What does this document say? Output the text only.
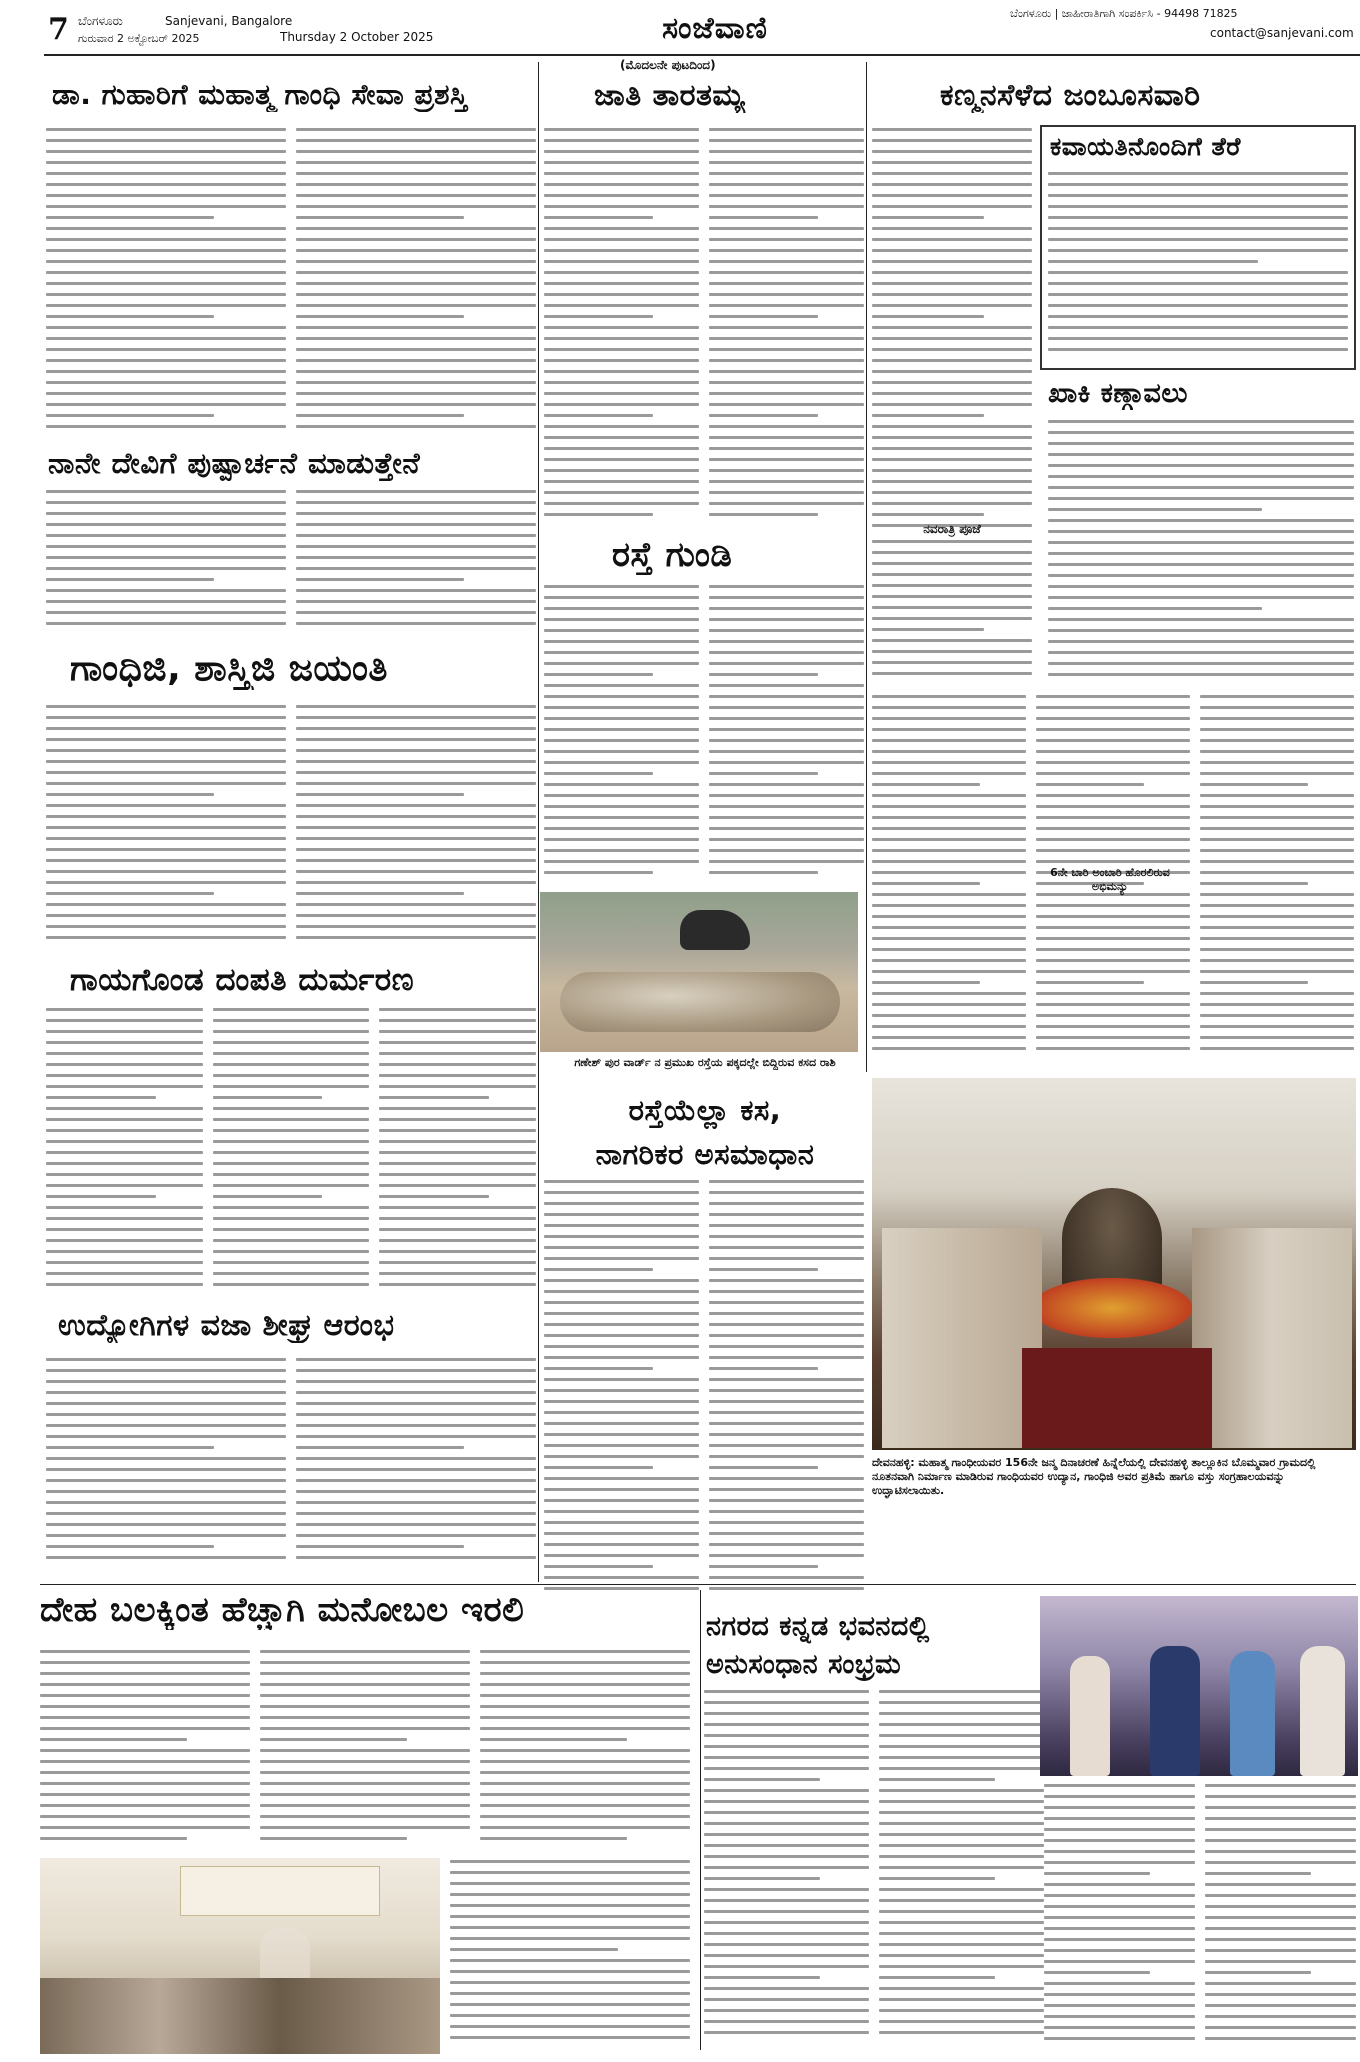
7 ಬೆಂಗಳೂರು
ಗುರುವಾರ 2 ಅಕ್ಟೋಬರ್ 2025
Sanjevani, Bangalore
Thursday 2 October 2025	ಸಂಜೆವಾಣಿ	ಬೆಂಗಳೂರು | ಜಾಹೀರಾತಿಗಾಗಿ ಸಂಪರ್ಕಿಸಿ - 94498 71825
contact@sanjevani.com
(ಮೊದಲನೇ ಪುಟದಿಂದ)
ಡಾ. ಗುಹಾರಿಗೆ ಮಹಾತ್ಮ ಗಾಂಧಿ ಸೇವಾ ಪ್ರಶಸ್ತಿ	ಜಾತಿ ತಾರತಮ್ಯ	ಕಣ್ಮನಸೆಳೆದ ಜಂಬೂಸವಾರಿ
ನಾನೇ ದೇವಿಗೆ ಪುಷ್ಪಾರ್ಚನೆ ಮಾಡುತ್ತೇನೆ
ಗಾಂಧಿಜಿ, ಶಾಸ್ತ್ರಿಜಿ ಜಯಂತಿ
ರಸ್ತೆ ಗುಂಡಿ
ಗಣೇಶ್ ಪುರ ವಾರ್ಡ್ ನ ಪ್ರಮುಖ ರಸ್ತೆಯ ಪಕ್ಕದಲ್ಲೇ ಬಿದ್ದಿರುವ ಕಸದ ರಾಶಿ
ರಸ್ತೆಯೆಲ್ಲಾ ಕಸ,
ನಾಗರಿಕರ ಅಸಮಾಧಾನ
ಕವಾಯತಿನೊಂದಿಗೆ ತೆರೆ
ಖಾಕಿ ಕಣ್ಗಾವಲು
ನವರಾತ್ರಿ ಪೂಜೆ
6ನೇ ಬಾರಿ ಅಂಬಾರಿ ಹೊರಲಿರುವ ಅಭಿಮನ್ಯು
ಗಾಯಗೊಂಡ ದಂಪತಿ ದುರ್ಮರಣ
ಉದ್ಯೋಗಿಗಳ ವಜಾ ಶೀಘ್ರ ಆರಂಭ
ದೇವನಹಳ್ಳಿ: ಮಹಾತ್ಮ ಗಾಂಧೀಯವರ 156ನೇ ಜನ್ಮ ದಿನಾಚರಣೆ ಹಿನ್ನೆಲೆಯಲ್ಲಿ ದೇವನಹಳ್ಳಿ ತಾಲ್ಲೂಕಿನ ಬೊಮ್ಮವಾರ ಗ್ರಾಮದಲ್ಲಿ ನೂತನವಾಗಿ ನಿರ್ಮಾಣ ಮಾಡಿರುವ ಗಾಂಧಿಯವರ ಉದ್ಯಾನ, ಗಾಂಧಿಜಿ ಅವರ ಪ್ರತಿಮೆ ಹಾಗೂ ವಸ್ತು ಸಂಗ್ರಹಾಲಯವನ್ನು ಉದ್ಘಾಟಿಸಲಾಯಿತು.
ನಗರದ ಕನ್ನಡ ಭವನದಲ್ಲಿ ಅನುಸಂಧಾನ ಸಂಭ್ರಮ
ದೇಹ ಬಲಕ್ಕಿಂತ ಹೆಚ್ಚಾಗಿ ಮನೋಬಲ ಇರಲಿ
